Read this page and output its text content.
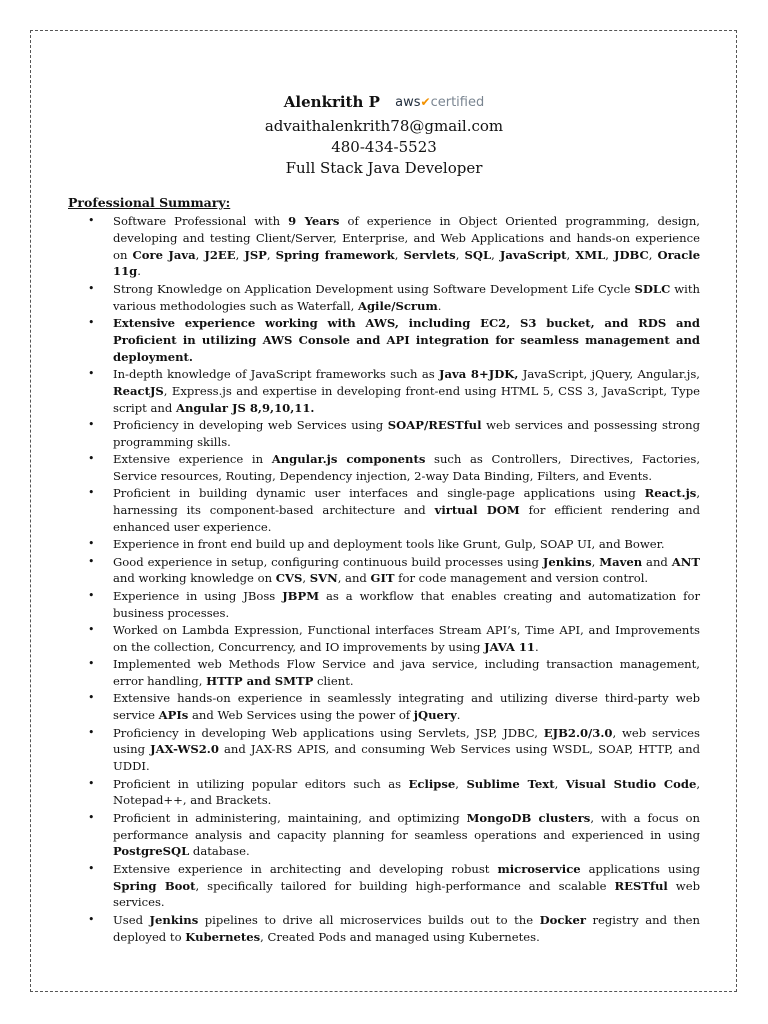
Alenkrith P aws✔certified
advaithalenkrith78@gmail.com
480-434-5523
Full Stack Java Developer
Professional Summary:
• Software Professional with 9 Years of experience in Object Oriented programming, design, developing and testing Client/Server, Enterprise, and Web Applications and hands-on experience on Core Java, J2EE, JSP, Spring framework, Servlets, SQL, JavaScript, XML, JDBC, Oracle 11g.
• Strong Knowledge on Application Development using Software Development Life Cycle SDLC with various methodologies such as Waterfall, Agile/Scrum.
• Extensive experience working with AWS, including EC2, S3 bucket, and RDS and Proficient in utilizing AWS Console and API integration for seamless management and deployment.
• In-depth knowledge of JavaScript frameworks such as Java 8+JDK, JavaScript, jQuery, Angular.js, ReactJS, Express.js and expertise in developing front-end using HTML 5, CSS 3, JavaScript, Type script and Angular JS 8,9,10,11.
• Proficiency in developing web Services using SOAP/RESTful web services and possessing strong programming skills.
• Extensive experience in Angular.js components such as Controllers, Directives, Factories, Service resources, Routing, Dependency injection, 2-way Data Binding, Filters, and Events.
• Proficient in building dynamic user interfaces and single-page applications using React.js, harnessing its component-based architecture and virtual DOM for efficient rendering and enhanced user experience.
• Experience in front end build up and deployment tools like Grunt, Gulp, SOAP UI, and Bower.
• Good experience in setup, configuring continuous build processes using Jenkins, Maven and ANT and working knowledge on CVS, SVN, and GIT for code management and version control.
• Experience in using JBoss JBPM as a workflow that enables creating and automatization for business processes.
• Worked on Lambda Expression, Functional interfaces Stream API’s, Time API, and Improvements on the collection, Concurrency, and IO improvements by using JAVA 11.
• Implemented web Methods Flow Service and java service, including transaction management, error handling, HTTP and SMTP client.
• Extensive hands-on experience in seamlessly integrating and utilizing diverse third-party web service APIs and Web Services using the power of jQuery.
• Proficiency in developing Web applications using Servlets, JSP, JDBC, EJB2.0/3.0, web services using JAX-WS2.0 and JAX-RS APIS, and consuming Web Services using WSDL, SOAP, HTTP, and UDDI.
• Proficient in utilizing popular editors such as Eclipse, Sublime Text, Visual Studio Code, Notepad++, and Brackets.
• Proficient in administering, maintaining, and optimizing MongoDB clusters, with a focus on performance analysis and capacity planning for seamless operations and experienced in using PostgreSQL database.
• Extensive experience in architecting and developing robust microservice applications using Spring Boot, specifically tailored for building high-performance and scalable RESTful web services.
• Used Jenkins pipelines to drive all microservices builds out to the Docker registry and then deployed to Kubernetes, Created Pods and managed using Kubernetes.
